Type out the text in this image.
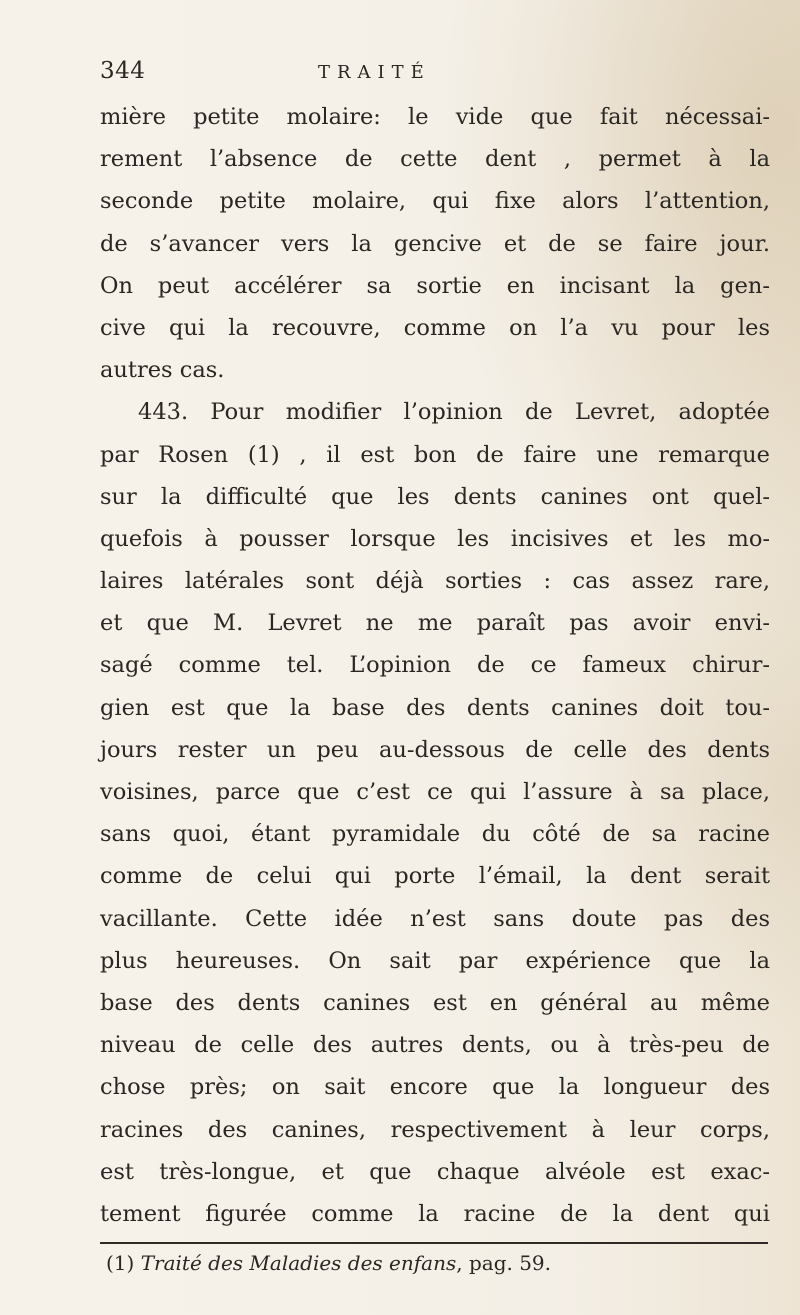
344	TRAITÉ
mière petite molaire: le vide que fait nécessai-
rement l’absence de cette dent , permet à la
seconde petite molaire, qui fixe alors l’attention,
de s’avancer vers la gencive et de se faire jour.
On peut accélérer sa sortie en incisant la gen-
cive qui la recouvre, comme on l’a vu pour les
autres cas.
443. Pour modifier l’opinion de Levret, adoptée
par Rosen (1) , il est bon de faire une remarque
sur la difficulté que les dents canines ont quel-
quefois à pousser lorsque les incisives et les mo-
laires latérales sont déjà sorties : cas assez rare,
et que M. Levret ne me paraît pas avoir envi-
sagé comme tel. L’opinion de ce fameux chirur-
gien est que la base des dents canines doit tou-
jours rester un peu au-dessous de celle des dents
voisines, parce que c’est ce qui l’assure à sa place,
sans quoi, étant pyramidale du côté de sa racine
comme de celui qui porte l’émail, la dent serait
vacillante. Cette idée n’est sans doute pas des
plus heureuses. On sait par expérience que la
base des dents canines est en général au même
niveau de celle des autres dents, ou à très-peu de
chose près; on sait encore que la longueur des
racines des canines, respectivement à leur corps,
est très-longue, et que chaque alvéole est exac-
tement figurée comme la racine de la dent qui
(1) Traité des Maladies des enfans, pag. 59.
